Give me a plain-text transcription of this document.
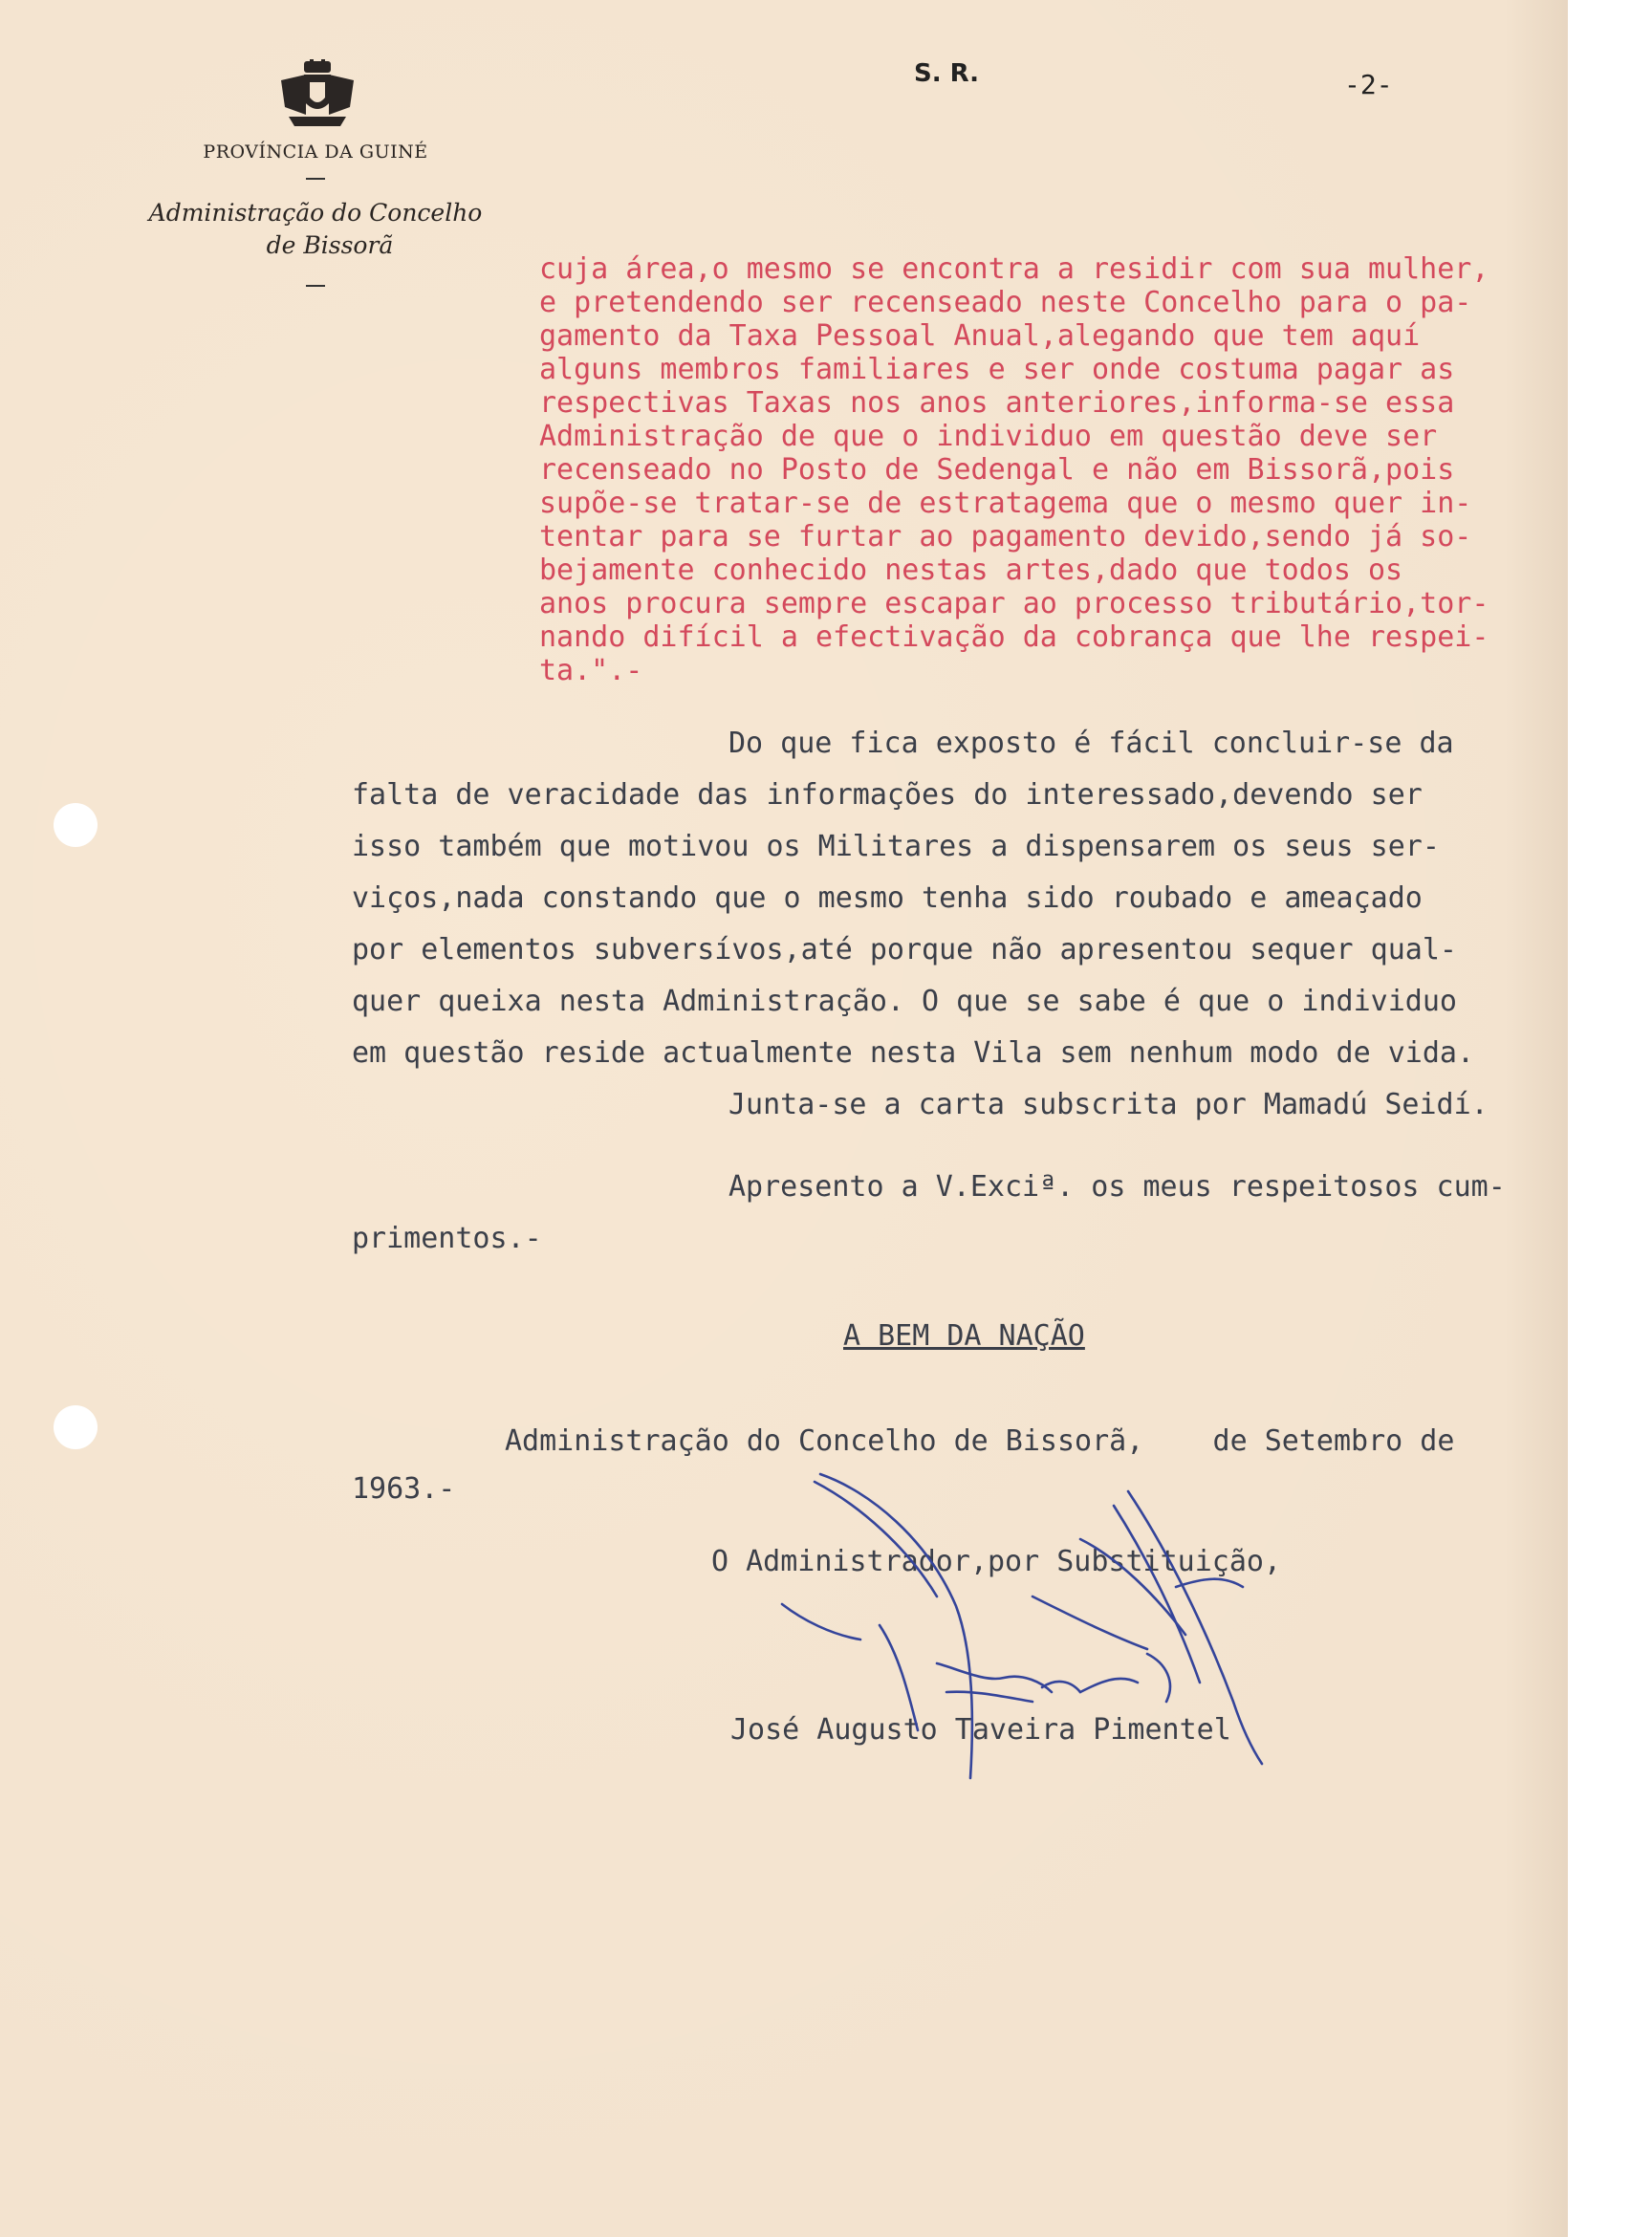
PROVÍNCIA DA GUINÉ
Administração do Concelho
de Bissorã
S. R.	-2-
cuja área,o mesmo se encontra a residir com sua mulher,
e pretendendo ser recenseado neste Concelho para o pa-
gamento da Taxa Pessoal Anual,alegando que tem aquí
alguns membros familiares e ser onde costuma pagar as
respectivas Taxas nos anos anteriores,informa-se essa
Administração de que o individuo em questão deve ser
recenseado no Posto de Sedengal e não em Bissorã,pois
supõe-se tratar-se de estratagema que o mesmo quer in-
tentar para se furtar ao pagamento devido,sendo já so-
bejamente conhecido nestas artes,dado que todos os
anos procura sempre escapar ao processo tributário,tor-
nando difícil a efectivação da cobrança que lhe respei-
ta.".-
Do que fica exposto é fácil concluir-se da
falta de veracidade das informações do interessado,devendo ser
isso também que motivou os Militares a dispensarem os seus ser-
viços,nada constando que o mesmo tenha sido roubado e ameaçado
por elementos subversívos,até porque não apresentou sequer qual-
quer queixa nesta Administração. O que se sabe é que o individuo
em questão reside actualmente nesta Vila sem nenhum modo de vida.
Junta-se a carta subscrita por Mamadú Seidí.
Apresento a V.Exciª. os meus respeitosos cum-
primentos.-
A BEM DA NAÇÃO
Administração do Concelho de Bissorã,    de Setembro de
1963.-
O Administrador,por Substituição,
José Augusto Taveira Pimentel
